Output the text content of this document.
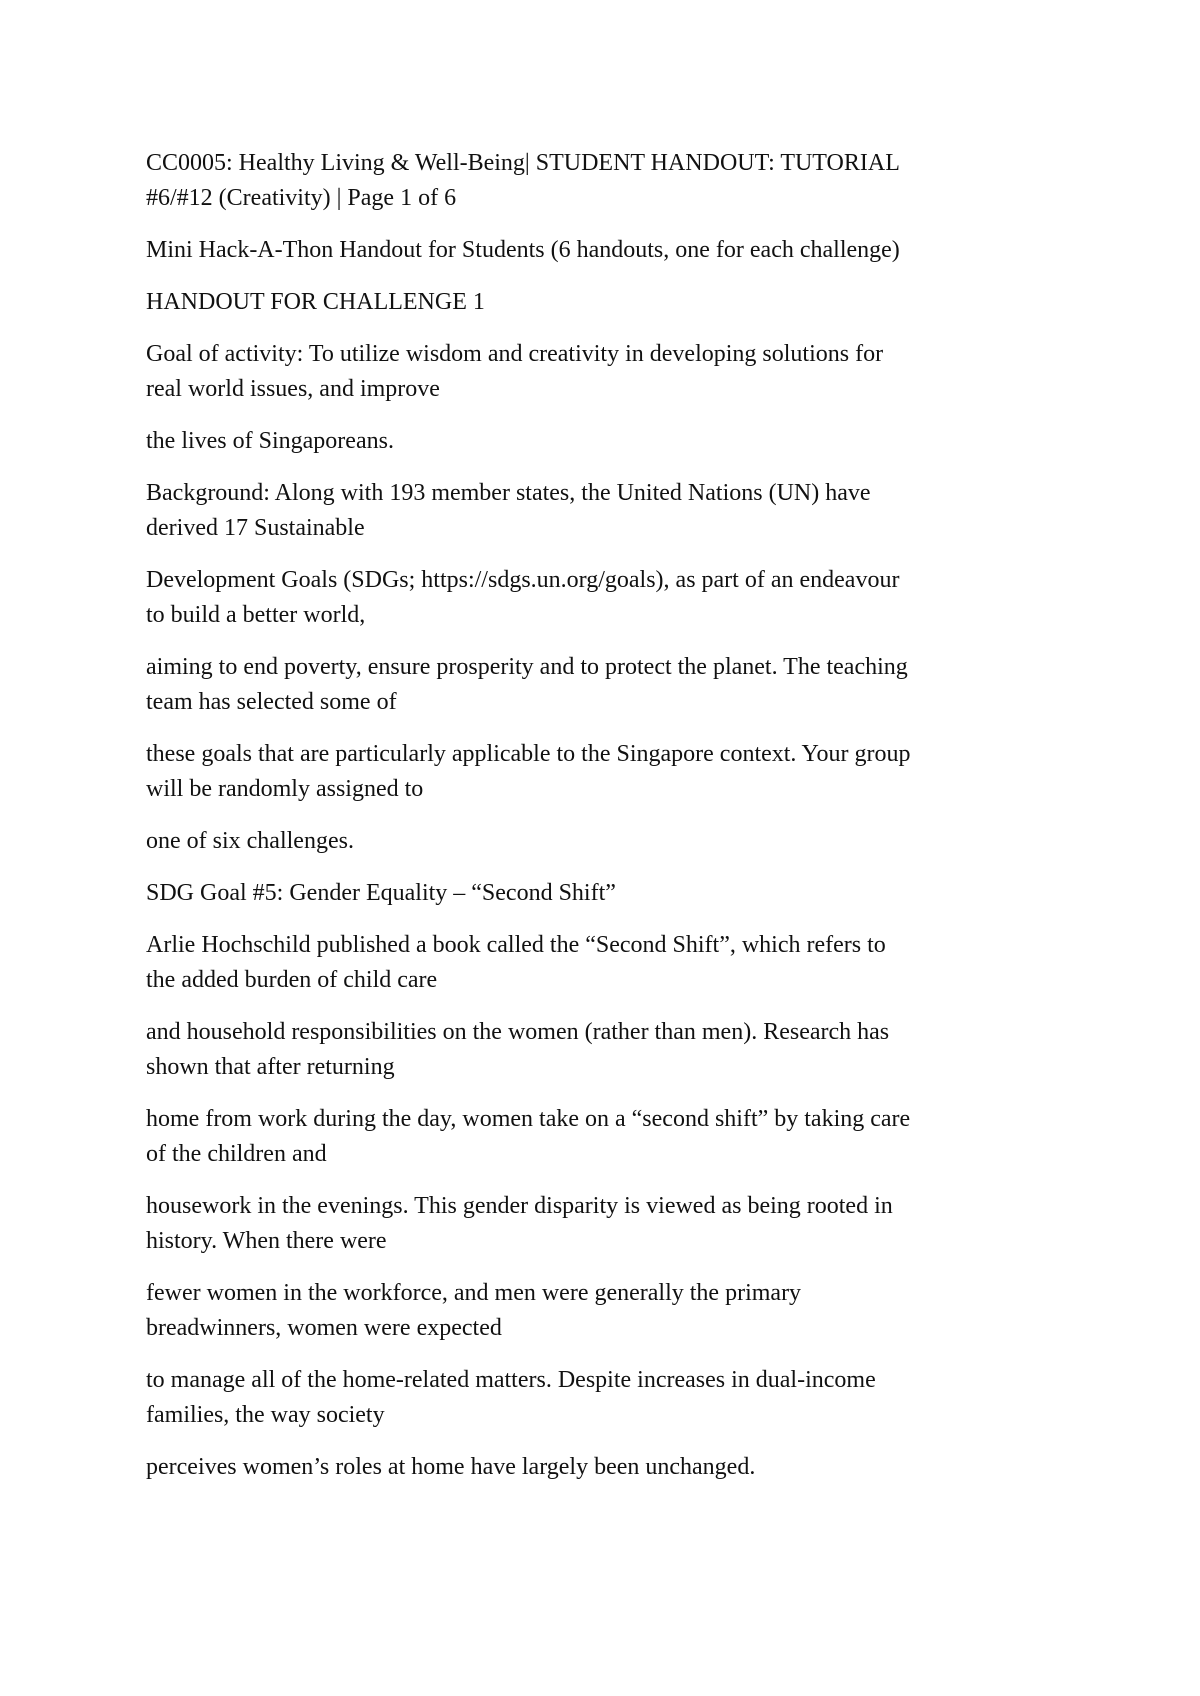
CC0005: Healthy Living & Well-Being| STUDENT HANDOUT: TUTORIAL
#6/#12 (Creativity) | Page 1 of 6

Mini Hack-A-Thon Handout for Students (6 handouts, one for each challenge)

HANDOUT FOR CHALLENGE 1

Goal of activity: To utilize wisdom and creativity in developing solutions for
real world issues, and improve

the lives of Singaporeans.

Background: Along with 193 member states, the United Nations (UN) have
derived 17 Sustainable

Development Goals (SDGs; https://sdgs.un.org/goals), as part of an endeavour
to build a better world,

aiming to end poverty, ensure prosperity and to protect the planet. The teaching
team has selected some of

these goals that are particularly applicable to the Singapore context. Your group
will be randomly assigned to

one of six challenges.

SDG Goal #5: Gender Equality – “Second Shift”

Arlie Hochschild published a book called the “Second Shift”, which refers to
the added burden of child care

and household responsibilities on the women (rather than men). Research has
shown that after returning

home from work during the day, women take on a “second shift” by taking care
of the children and

housework in the evenings. This gender disparity is viewed as being rooted in
history. When there were

fewer women in the workforce, and men were generally the primary
breadwinners, women were expected

to manage all of the home-related matters. Despite increases in dual-income
families, the way society

perceives women’s roles at home have largely been unchanged.
